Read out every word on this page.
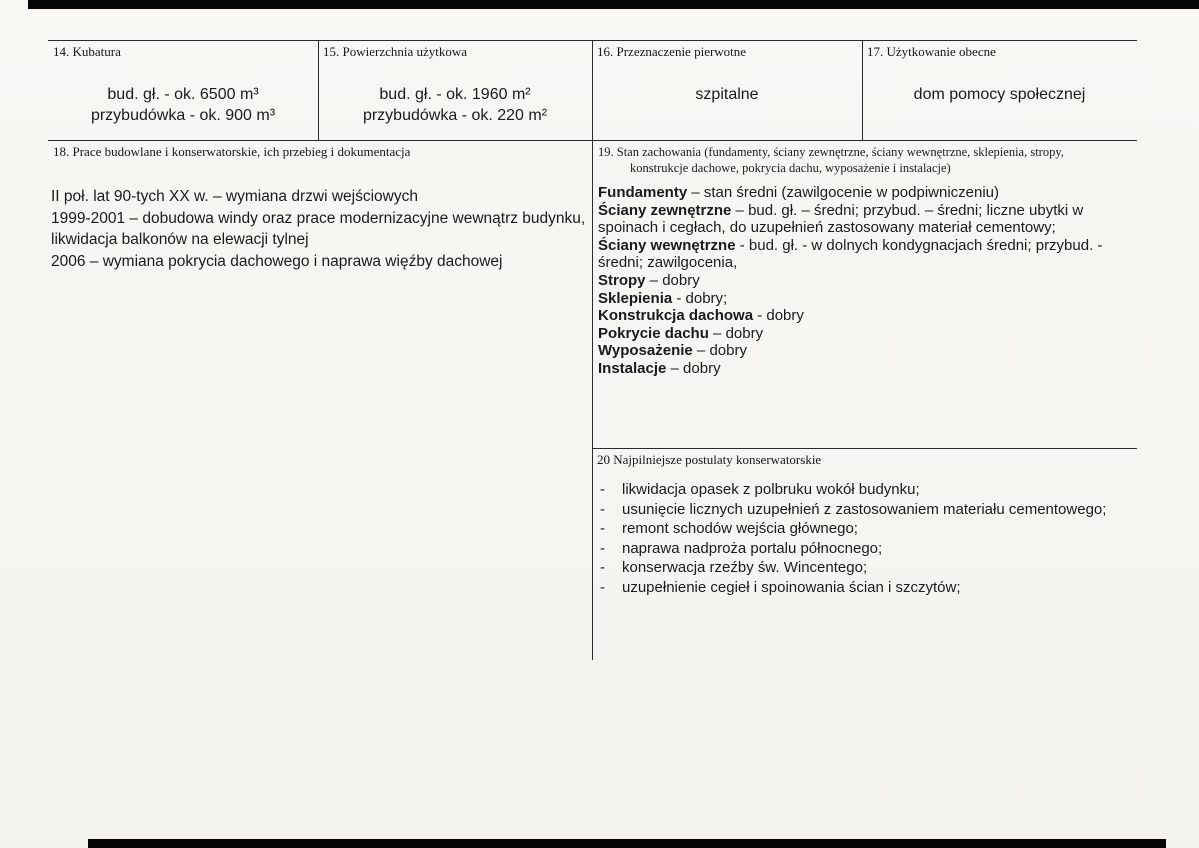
14. Kubatura
bud. gł. - ok. 6500 m³
przybudówka - ok. 900 m³
15. Powierzchnia użytkowa
bud. gł. - ok. 1960 m²
przybudówka - ok. 220 m²
16. Przeznaczenie pierwotne
szpitalne
17. Użytkowanie obecne
dom pomocy społecznej
18. Prace budowlane i konserwatorskie, ich przebieg i dokumentacja
II poł. lat 90-tych XX w. – wymiana drzwi wejściowych
1999-2001 – dobudowa windy oraz prace modernizacyjne wewnątrz budynku, likwidacja balkonów na elewacji tylnej
2006 – wymiana pokrycia dachowego i naprawa więźby dachowej
19. Stan zachowania (fundamenty, ściany zewnętrzne, ściany wewnętrzne, sklepienia, stropy,
konstrukcje dachowe, pokrycia dachu, wyposażenie i instalacje)
Fundamenty – stan średni (zawilgocenie w podpiwniczeniu)
Ściany zewnętrzne – bud. gł. – średni; przybud. – średni; liczne ubytki w spoinach i cegłach, do uzupełnień zastosowany materiał cementowy;
Ściany wewnętrzne - bud. gł. - w dolnych kondygnacjach średni; przybud. - średni; zawilgocenia,
Stropy – dobry
Sklepienia - dobry;
Konstrukcja dachowa - dobry
Pokrycie dachu – dobry
Wyposażenie – dobry
Instalacje – dobry
20 Najpilniejsze postulaty konserwatorskie
-	likwidacja opasek z polbruku wokół budynku;
-	usunięcie licznych uzupełnień z zastosowaniem materiału cementowego;
-	remont schodów wejścia głównego;
-	naprawa nadproża portalu północnego;
-	konserwacja rzeźby św. Wincentego;
-	uzupełnienie cegieł i spoinowania ścian i szczytów;
